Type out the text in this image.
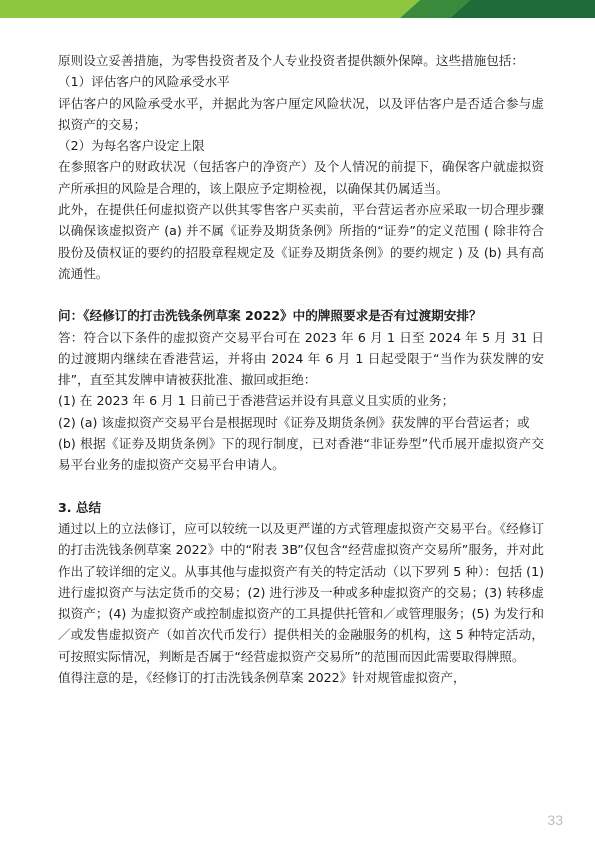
原则设立妥善措施，为零售投资者及个人专业投资者提供额外保障。这些措施包括：

（1）评估客户的风险承受水平

评估客户的风险承受水平，并据此为客户厘定风险状况，以及评估客户是否适合参与虚拟资产的交易；

（2）为每名客户设定上限

在参照客户的财政状况（包括客户的净资产）及个人情况的前提下，确保客户就虚拟资产所承担的风险是合理的，该上限应予定期检视，以确保其仍属适当。

此外，在提供任何虚拟资产以供其零售客户买卖前，平台营运者亦应采取一切合理步骤以确保该虚拟资产 (a) 并不属《证券及期货条例》所指的“证券”的定义范围 ( 除非符合股份及债权证的要约的招股章程规定及《证券及期货条例》的要约规定 ) 及 (b) 具有高流通性。

问：《经修订的打击洗钱条例草案 2022》中的牌照要求是否有过渡期安排？

答：符合以下条件的虚拟资产交易平台可在 2023 年 6 月 1 日至 2024 年 5 月 31 日的过渡期内继续在香港营运，并将由 2024 年 6 月 1 日起受限于“当作为获发牌的安排”，直至其发牌申请被获批准、撤回或拒绝：

(1) 在 2023 年 6 月 1 日前已于香港营运并设有具意义且实质的业务；

(2) (a) 该虚拟资产交易平台是根据现时《证券及期货条例》获发牌的平台营运者；或

(b) 根据《证券及期货条例》下的现行制度，已对香港“非证券型”代币展开虚拟资产交易平台业务的虚拟资产交易平台申请人。

3. 总结

通过以上的立法修订，应可以较统一以及更严谨的方式管理虚拟资产交易平台。《经修订的打击洗钱条例草案 2022》中的“附表 3B”仅包含“经营虚拟资产交易所”服务，并对此作出了较详细的定义。从事其他与虚拟资产有关的特定活动（以下罗列 5 种）：包括 (1) 进行虚拟资产与法定货币的交易；(2) 进行涉及一种或多种虚拟资产的交易；(3) 转移虚拟资产；(4) 为虚拟资产或控制虚拟资产的工具提供托管和／或管理服务；(5) 为发行和／或发售虚拟资产（如首次代币发行）提供相关的金融服务的机构，这 5 种特定活动，可按照实际情况，判断是否属于“经营虚拟资产交易所”的范围而因此需要取得牌照。

值得注意的是，《经修订的打击洗钱条例草案 2022》针对规管虚拟资产，

33
